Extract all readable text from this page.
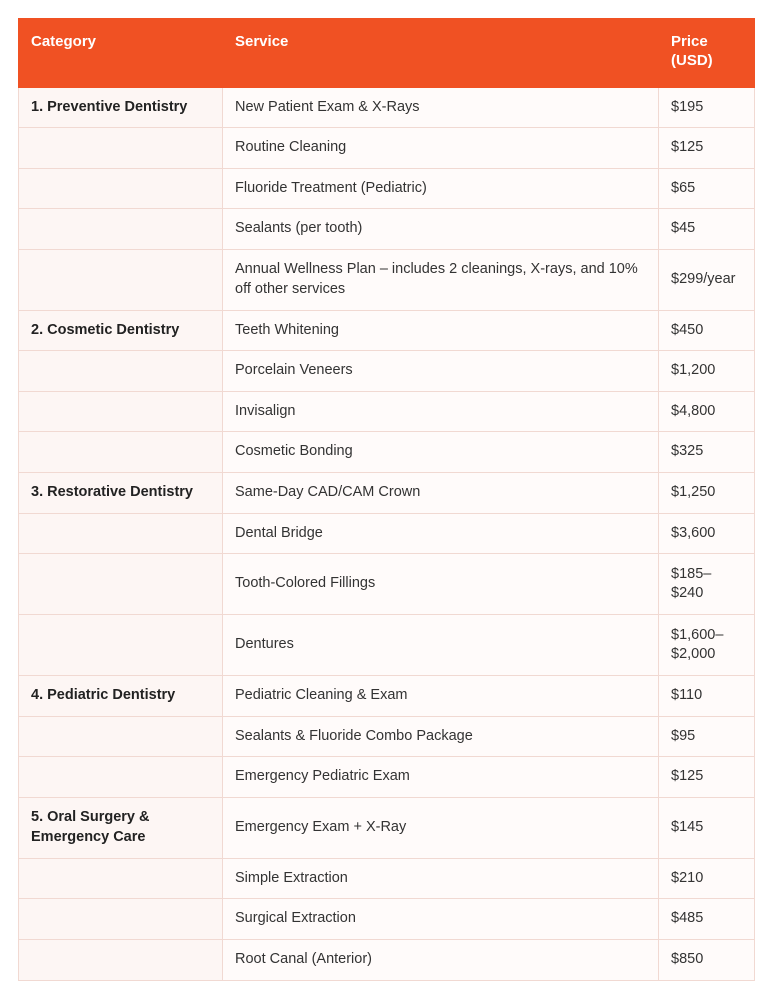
Category	Service	Price
(USD)
1. Preventive Dentistry	New Patient Exam & X-Rays	$195
	Routine Cleaning	$125
	Fluoride Treatment (Pediatric)	$65
	Sealants (per tooth)	$45
	Annual Wellness Plan – includes 2 cleanings, X-rays, and 10% off other services	$299/year
2. Cosmetic Dentistry	Teeth Whitening	$450
	Porcelain Veneers	$1,200
	Invisalign	$4,800
	Cosmetic Bonding	$325
3. Restorative Dentistry	Same-Day CAD/CAM Crown	$1,250
	Dental Bridge	$3,600
	Tooth-Colored Fillings	$185–$240
	Dentures	$1,600–$2,000
4. Pediatric Dentistry	Pediatric Cleaning & Exam	$110
	Sealants & Fluoride Combo Package	$95
	Emergency Pediatric Exam	$125
5. Oral Surgery & Emergency Care	Emergency Exam + X-Ray	$145
	Simple Extraction	$210
	Surgical Extraction	$485
	Root Canal (Anterior)	$850
